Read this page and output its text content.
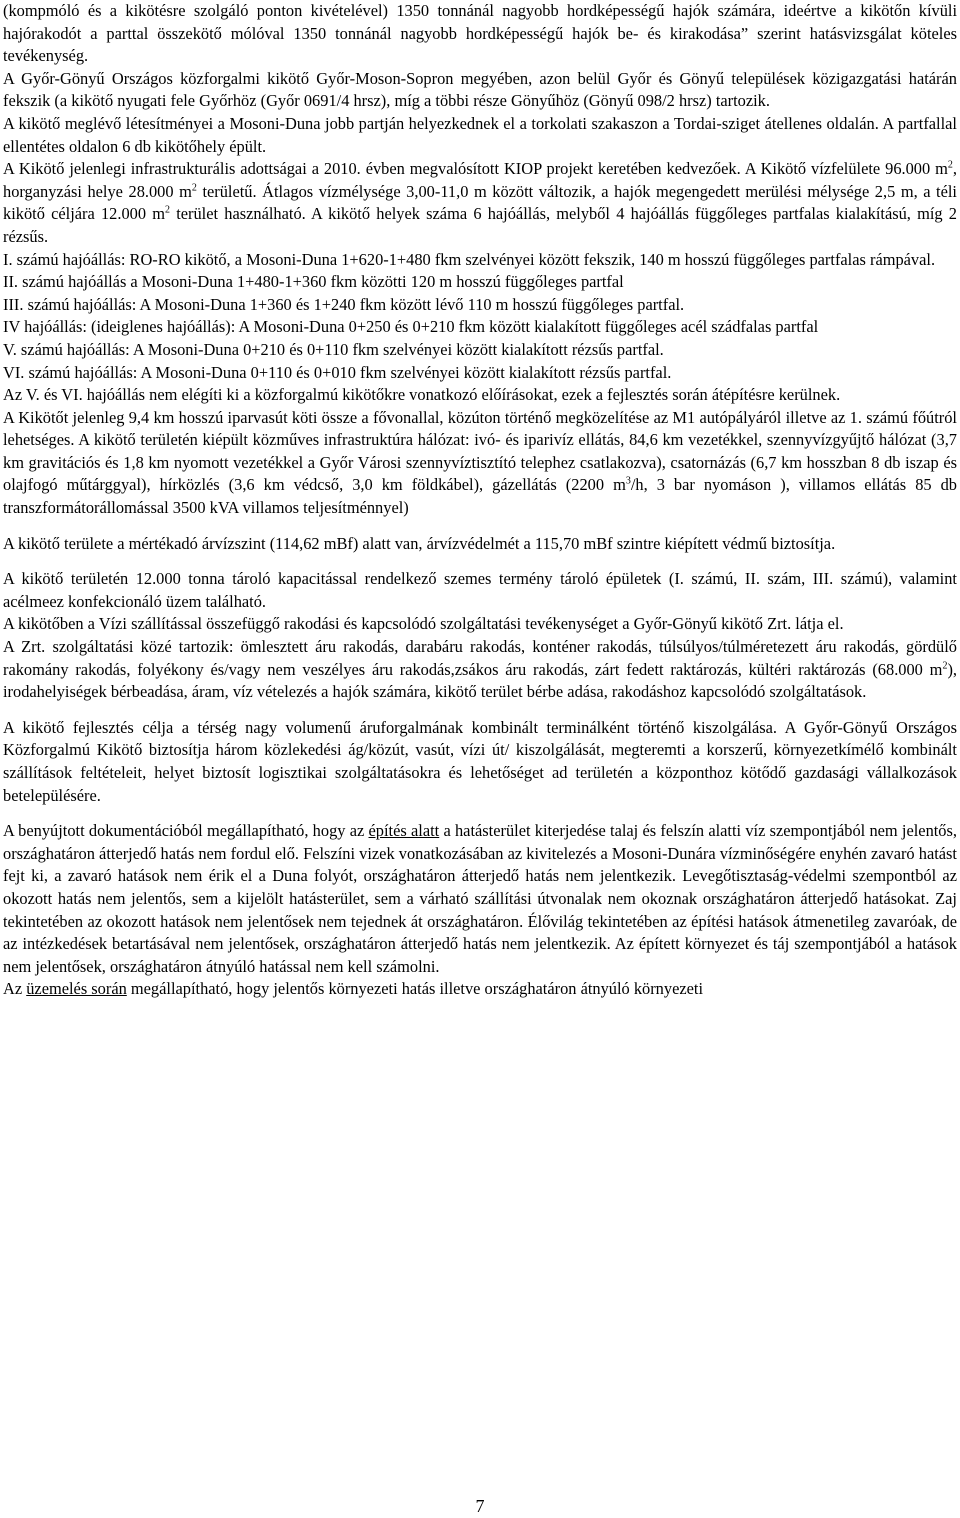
(kompmóló és a kikötésre szolgáló ponton kivételével) 1350 tonnánál nagyobb hordképességű hajók számára, ideértve a kikötőn kívüli hajórakodót a parttal összekötő mólóval 1350 tonnánál nagyobb hordképességű hajók be- és kirakodása” szerint hatásvizsgálat köteles tevékenység.

A Győr-Gönyű Országos közforgalmi kikötő Győr-Moson-Sopron megyében, azon belül Győr és Gönyű települések közigazgatási határán fekszik (a kikötő nyugati fele Győrhöz (Győr 0691/4 hrsz), míg a többi része Gönyűhöz (Gönyű 098/2 hrsz) tartozik.

A kikötő meglévő létesítményei a Mosoni-Duna jobb partján helyezkednek el a torkolati szakaszon a Tordai-sziget átellenes oldalán. A partfallal ellentétes oldalon 6 db kikötőhely épült.

A Kikötő jelenlegi infrastrukturális adottságai a 2010. évben megvalósított KIOP projekt keretében kedvezőek. A Kikötő vízfelülete 96.000 $m^2$, horganyzási helye 28.000 $m^2$ területű. Átlagos vízmélysége 3,00-11,0 m között változik, a hajók megengedett merülési mélysége 2,5 m, a téli kikötő céljára 12.000 $m^2$ terület használható. A kikötő helyek száma 6 hajóállás, melyből 4 hajóállás függőleges partfalas kialakítású, míg 2 rézsűs.

I. számú hajóállás: RO-RO kikötő, a Mosoni-Duna 1+620-1+480 fkm szelvényei között fekszik, 140 m hosszú függőleges partfalas rámpával.

II. számú hajóállás a Mosoni-Duna 1+480-1+360 fkm közötti 120 m hosszú függőleges partfal

III. számú hajóállás: A Mosoni-Duna 1+360 és 1+240 fkm között lévő 110 m hosszú függőleges partfal.

IV hajóállás: (ideiglenes hajóállás): A Mosoni-Duna 0+250 és 0+210 fkm között kialakított függőleges acél szádfalas partfal

V. számú hajóállás: A Mosoni-Duna 0+210 és 0+110 fkm szelvényei között kialakított rézsűs partfal.

VI. számú hajóállás: A Mosoni-Duna 0+110 és 0+010 fkm szelvényei között kialakított rézsűs partfal.

Az V. és VI. hajóállás nem elégíti ki a közforgalmú kikötőkre vonatkozó előírásokat, ezek a fejlesztés során átépítésre kerülnek.

A Kikötőt jelenleg 9,4 km hosszú iparvasút köti össze a fővonallal, közúton történő megközelítése az M1 autópályáról illetve az 1. számú főútról lehetséges. A kikötő területén kiépült közműves infrastruktúra hálózat: ivó- és iparivíz ellátás, 84,6 km vezetékkel, szennyvízgyűjtő hálózat (3,7 km gravitációs és 1,8 km nyomott vezetékkel a Győr Városi szennyvíztisztító telephez csatlakozva), csatornázás (6,7 km hosszban 8 db iszap és olajfogó műtárggyal), hírközlés (3,6 km védcső, 3,0 km földkábel), gázellátás (2200 $m^3/h$, 3 bar nyomáson ), villamos ellátás 85 db transzformátorállomással 3500 kVA villamos teljesítménnyel)

A kikötő területe a mértékadó árvízszint (114,62 mBf) alatt van, árvízvédelmét a 115,70 mBf szintre kiépített védmű biztosítja.

A kikötő területén 12.000 tonna tároló kapacitással rendelkező szemes termény tároló épületek (I. számú, II. szám, III. számú), valamint acélmeez konfekcionáló üzem található.

A kikötőben a Vízi szállítással összefüggő rakodási és kapcsolódó szolgáltatási tevékenységet a Győr-Gönyű kikötő Zrt. látja el.

A Zrt. szolgáltatási közé tartozik: ömlesztett áru rakodás, darabáru rakodás, konténer rakodás, túlsúlyos/túlméretezett áru rakodás, gördülő rakomány rakodás, folyékony és/vagy nem veszélyes áru rakodás,zsákos áru rakodás, zárt fedett raktározás, kültéri raktározás (68.000 $m^2$), irodahelyiségek bérbeadása, áram, víz vételezés a hajók számára, kikötő terület bérbe adása, rakodáshoz kapcsolódó szolgáltatások.

A kikötő fejlesztés célja a térség nagy volumenű áruforgalmának kombinált terminálként történő kiszolgálása. A Győr-Gönyű Országos Közforgalmú Kikötő biztosítja három közlekedési ág/közút, vasút, vízi út/ kiszolgálását, megteremti a korszerű, környezetkímélő kombinált szállítások feltételeit, helyet biztosít logisztikai szolgáltatásokra és lehetőséget ad területén a központhoz kötődő gazdasági vállalkozások betelepülésére.

A benyújtott dokumentációból megállapítható, hogy az építés alatt a hatásterület kiterjedése talaj és felszín alatti víz szempontjából nem jelentős, országhatáron átterjedő hatás nem fordul elő. Felszíni vizek vonatkozásában az kivitelezés a Mosoni-Dunára vízminőségére enyhén zavaró hatást fejt ki, a zavaró hatások nem érik el a Duna folyót, országhatáron átterjedő hatás nem jelentkezik. Levegőtisztaság-védelmi szempontból az okozott hatás nem jelentős, sem a kijelölt hatásterület, sem a várható szállítási útvonalak nem okoznak országhatáron átterjedő hatásokat. Zaj tekintetében az okozott hatások nem jelentősek nem tejednek át országhatáron. Élővilág tekintetében az építési hatások átmenetileg zavaróak, de az intézkedések betartásával nem jelentősek, országhatáron átterjedő hatás nem jelentkezik. Az épített környezet és táj szempontjából a hatások nem jelentősek, országhatáron átnyúló hatással nem kell számolni.

Az üzemelés során megállapítható, hogy jelentős környezeti hatás illetve országhatáron átnyúló környezeti

7
